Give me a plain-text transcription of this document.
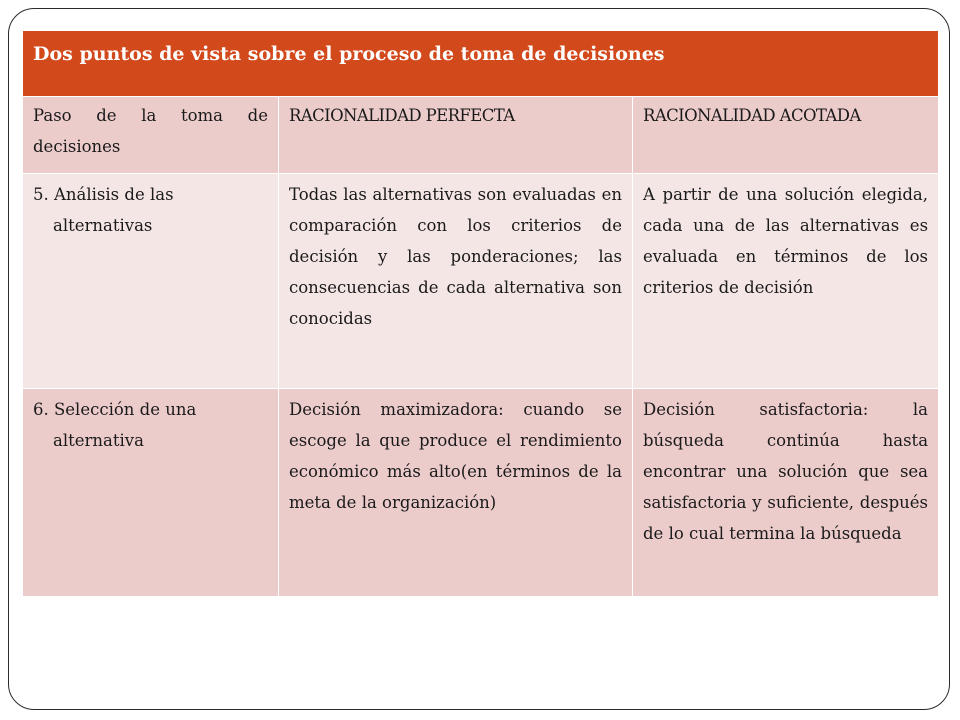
Dos puntos de vista sobre el proceso de toma de decisiones		
Paso de la toma de decisiones	RACIONALIDAD PERFECTA	RACIONALIDAD ACOTADA
5. Análisis de las alternativas	Todas las alternativas son evaluadas en comparación con los criterios de decisión y las ponderaciones; las consecuencias de cada alternativa son conocidas	A partir de una solución elegida, cada una de las alternativas es evaluada en términos de los criterios de decisión
6. Selección de una alternativa	Decisión maximizadora: cuando se escoge la que produce el rendimiento económico más alto(en términos de la meta de la organización)	Decisión satisfactoria: la búsqueda continúa hasta encontrar una solución que sea satisfactoria y suficiente, después de lo cual termina la búsqueda
